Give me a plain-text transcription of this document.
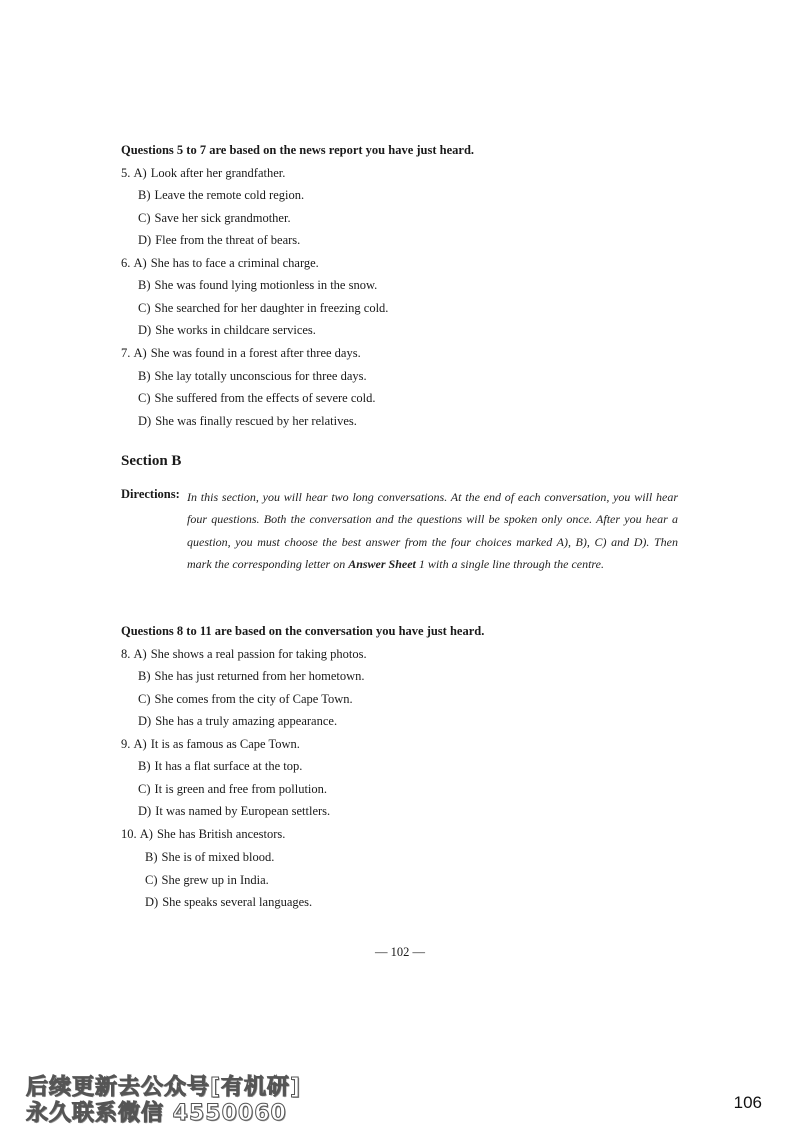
Questions 5 to 7 are based on the news report you have just heard.
5. A) Look after her grandfather.
B) Leave the remote cold region.
C) Save her sick grandmother.
D) Flee from the threat of bears.
6. A) She has to face a criminal charge.
B) She was found lying motionless in the snow.
C) She searched for her daughter in freezing cold.
D) She works in childcare services.
7. A) She was found in a forest after three days.
B) She lay totally unconscious for three days.
C) She suffered from the effects of severe cold.
D) She was finally rescued by her relatives.
Section B
Directions: In this section, you will hear two long conversations. At the end of each conversation, you will hear four questions. Both the conversation and the questions will be spoken only once. After you hear a question, you must choose the best answer from the four choices marked A), B), C) and D). Then mark the corresponding letter on Answer Sheet 1 with a single line through the centre.
Questions 8 to 11 are based on the conversation you have just heard.
8. A) She shows a real passion for taking photos.
B) She has just returned from her hometown.
C) She comes from the city of Cape Town.
D) She has a truly amazing appearance.
9. A) It is as famous as Cape Town.
B) It has a flat surface at the top.
C) It is green and free from pollution.
D) It was named by European settlers.
10. A) She has British ancestors.
B) She is of mixed blood.
C) She grew up in India.
D) She speaks several languages.
— 102 —
后续更新去公众号[有机研]
永久联系微信 4550060	106
